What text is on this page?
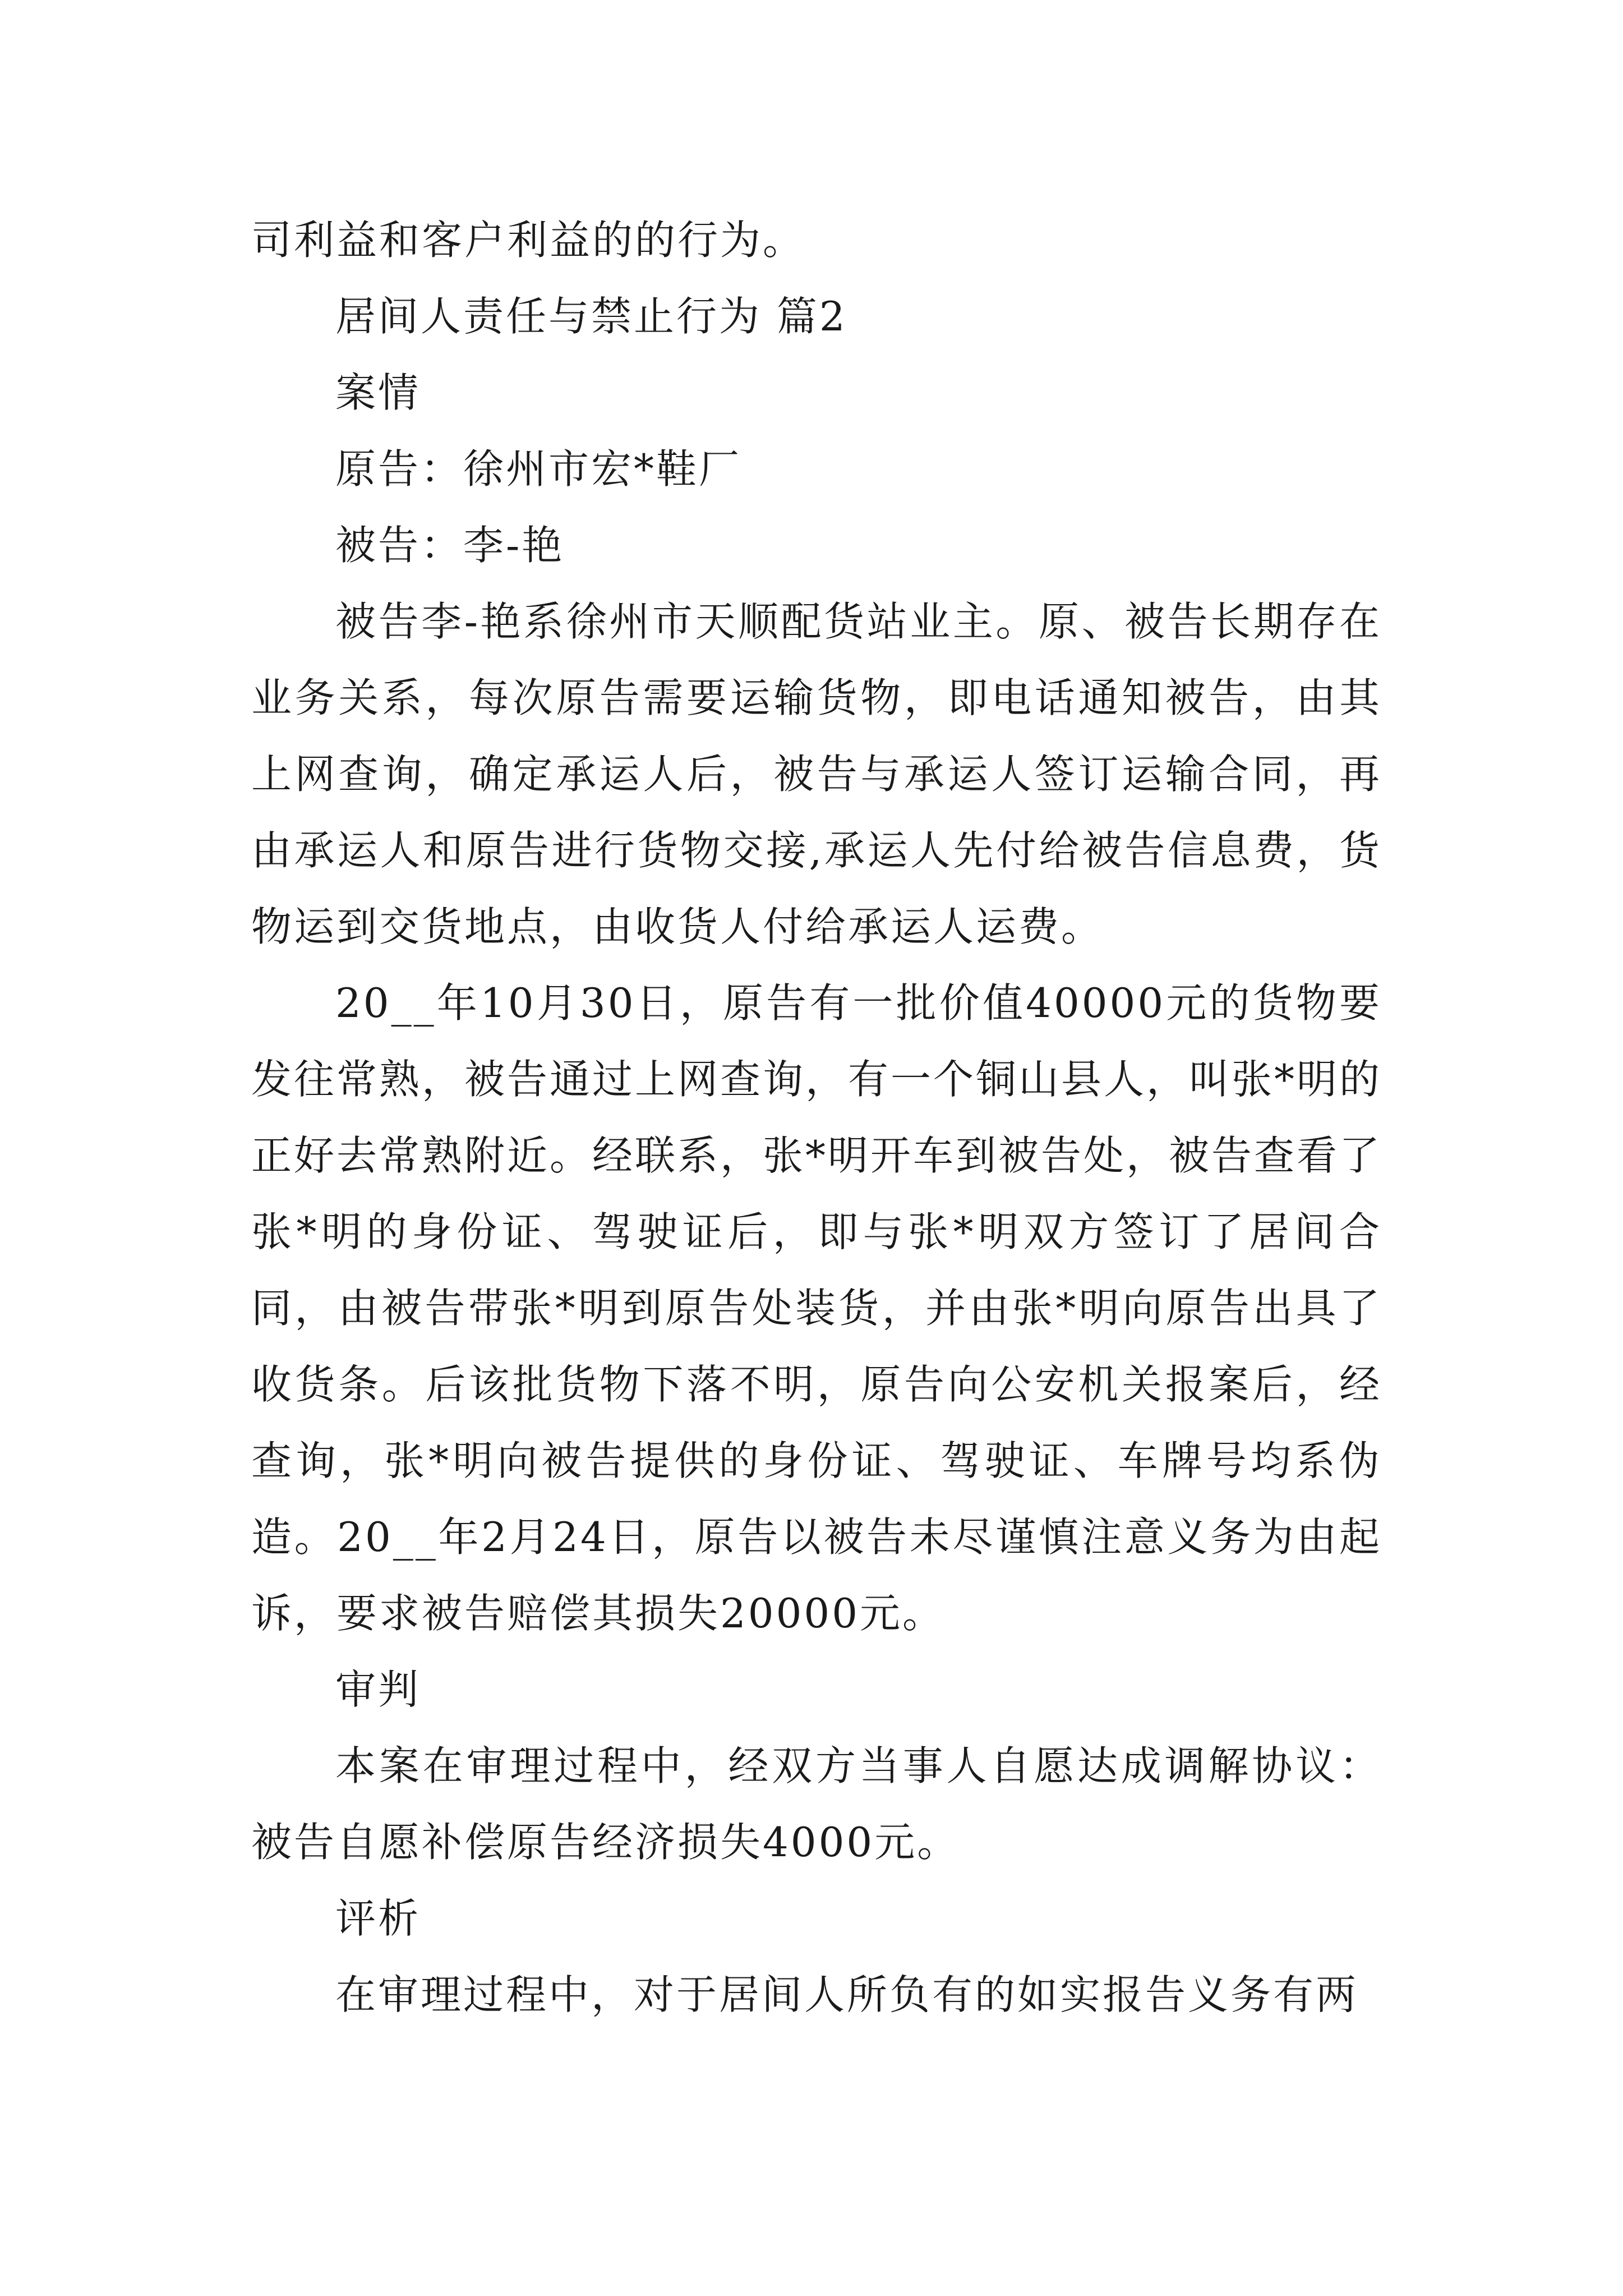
司利益和客户利益的的行为。

居间人责任与禁止行为 篇2

案情

原告：徐州市宏*鞋厂

被告：李-艳

被告李-艳系徐州市天顺配货站业主。原、被告长期存在业务关系，每次原告需要运输货物，即电话通知被告，由其上网查询，确定承运人后，被告与承运人签订运输合同，再由承运人和原告进行货物交接,承运人先付给被告信息费，货物运到交货地点，由收货人付给承运人运费。

20__年10月30日，原告有一批价值40000元的货物要发往常熟，被告通过上网查询，有一个铜山县人，叫张*明的正好去常熟附近。经联系，张*明开车到被告处，被告查看了张*明的身份证、驾驶证后，即与张*明双方签订了居间合同，由被告带张*明到原告处装货，并由张*明向原告出具了收货条。后该批货物下落不明，原告向公安机关报案后，经查询，张*明向被告提供的身份证、驾驶证、车牌号均系伪造。20__年2月24日，原告以被告未尽谨慎注意义务为由起诉，要求被告赔偿其损失20000元。

审判

本案在审理过程中，经双方当事人自愿达成调解协议：被告自愿补偿原告经济损失4000元。

评析

在审理过程中，对于居间人所负有的如实报告义务有两
